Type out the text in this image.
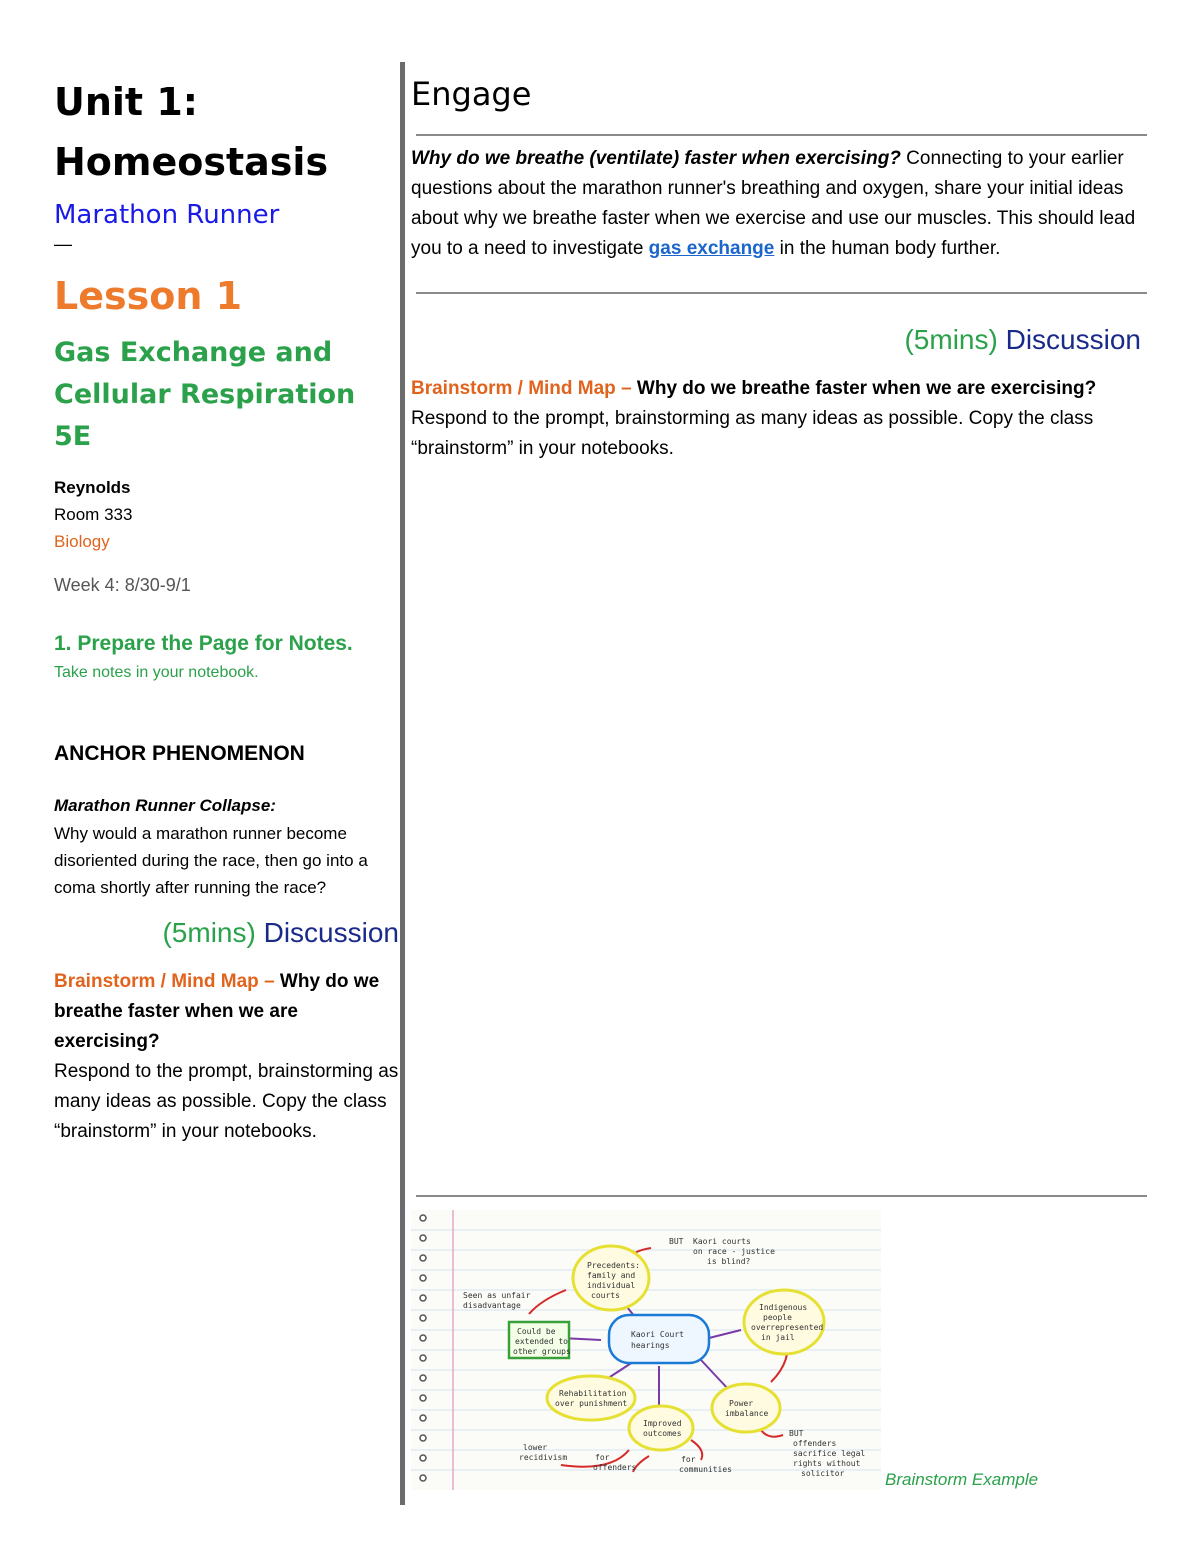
Unit 1:
Homeostasis
Marathon Runner
—
Lesson 1
Gas Exchange and
Cellular Respiration 5E
Reynolds
Room 333
Biology
Week 4: 8/30-9/1
1. Prepare the Page for Notes.
Take notes in your notebook.
ANCHOR PHENOMENON
Marathon Runner Collapse:
Why would a marathon runner become disoriented during the race, then go into a coma shortly after running the race?
(5mins) Discussion
Brainstorm / Mind Map – Why do we breathe faster when we are exercising?
Respond to the prompt, brainstorming as many ideas as possible. Copy the class “brainstorm” in your notebooks.
Engage
Why do we breathe (ventilate) faster when exercising? Connecting to your earlier questions about the marathon runner's breathing and oxygen, share your initial ideas about why we breathe faster when we exercise and use our muscles. This should lead you to a need to investigate gas exchange in the human body further.
(5mins) Discussion
Brainstorm / Mind Map – Why do we breathe faster when we are exercising?
Respond to the prompt, brainstorming as many ideas as possible. Copy the class “brainstorm” in your notebooks.
Kaori Court
hearings
Precedents:
family and
individual
courts
Indigenous
people
overrepresented
in jail
Could be
extended to
other groups
Rehabilitation
over punishment
Improved
outcomes
Power
imbalance
BUT Kaori courts
on race - justice
is blind?
Seen as unfair
disadvantage
BUT
offenders
sacrifice legal
rights without
solicitor
lower
recidivism	for
offenders
for
communities
Brainstorm Example
